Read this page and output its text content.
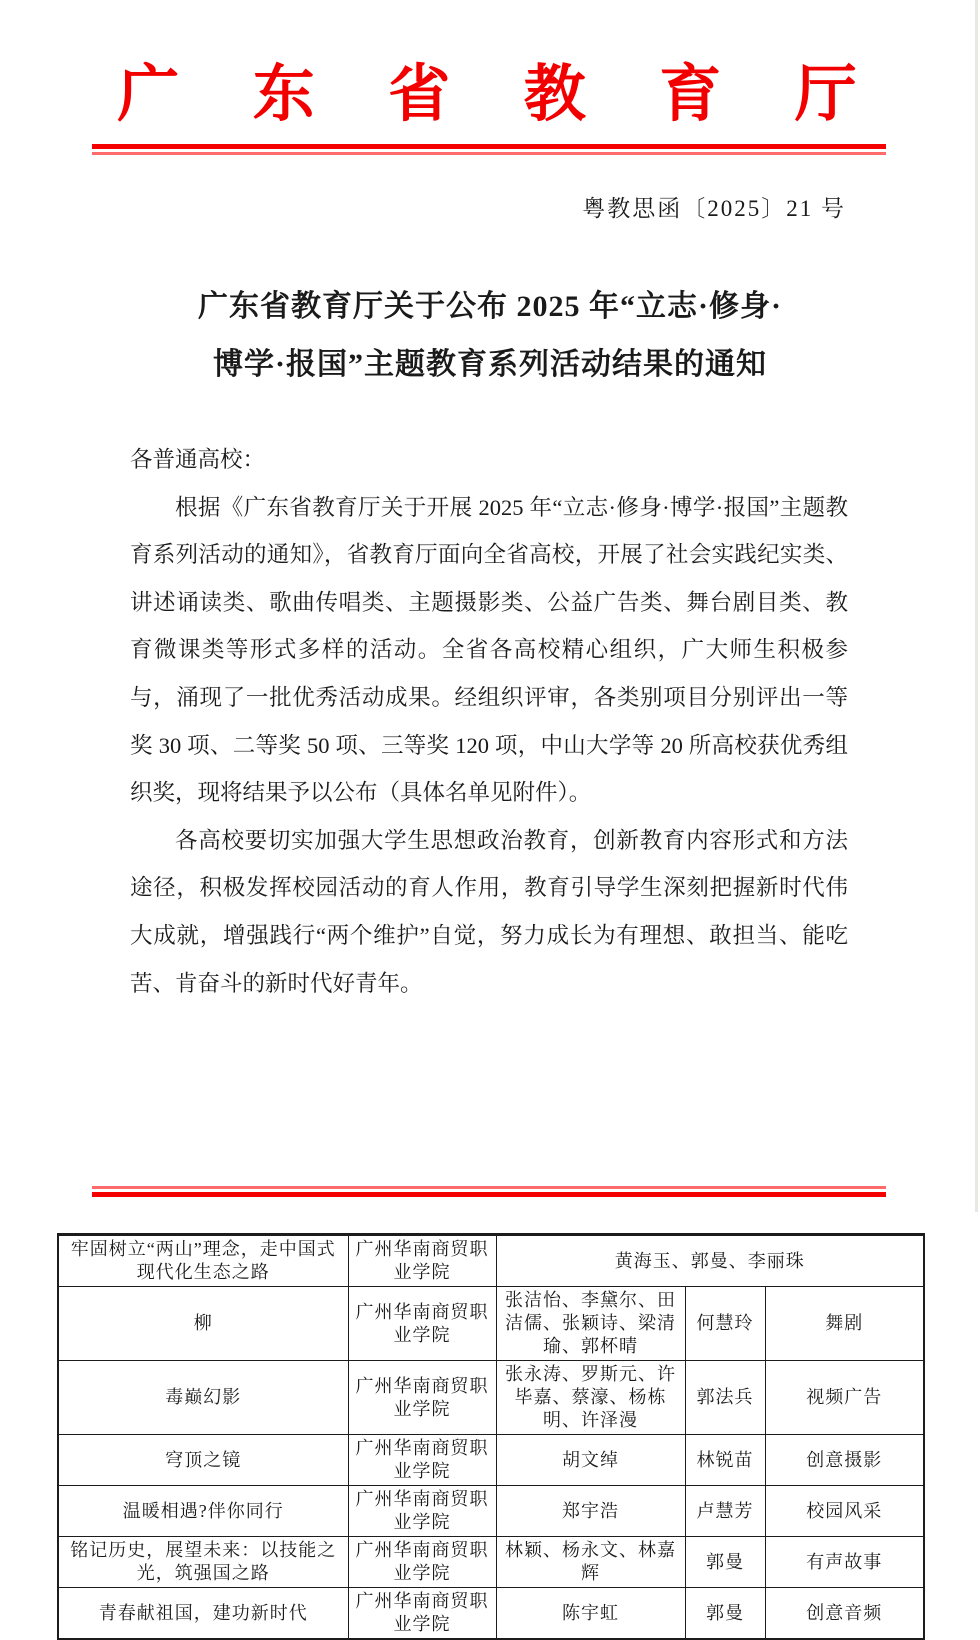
广 东 省 教 育 厅
粤教思函〔2025〕21 号
广东省教育厅关于公布 2025 年“立志·修身·
博学·报国”主题教育系列活动结果的通知

各普通高校：

根据《广东省教育厅关于开展 2025 年“立志·修身·博学·报国”主题教育系列活动的通知》，省教育厅面向全省高校，开展了社会实践纪实类、讲述诵读类、歌曲传唱类、主题摄影类、公益广告类、舞台剧目类、教育微课类等形式多样的活动。全省各高校精心组织，广大师生积极参与，涌现了一批优秀活动成果。经组织评审，各类别项目分别评出一等奖 30 项、二等奖 50 项、三等奖 120 项，中山大学等 20 所高校获优秀组织奖，现将结果予以公布（具体名单见附件）。

各高校要切实加强大学生思想政治教育，创新教育内容形式和方法途径，积极发挥校园活动的育人作用，教育引导学生深刻把握新时代伟大成就，增强践行“两个维护”自觉，努力成长为有理想、敢担当、能吃苦、肯奋斗的新时代好青年。

牢固树立“两山”理念，走中国式现代化生态之路	广州华南商贸职业学院	黄海玉、郭曼、李丽珠		
柳	广州华南商贸职业学院	张洁怡、李黛尔、田洁儒、张颖诗、梁清瑜、郭杯晴	何慧玲	舞剧
毒巅幻影	广州华南商贸职业学院	张永涛、罗斯元、许毕嘉、蔡濠、杨栋明、许泽漫	郭法兵	视频广告
穹顶之镜	广州华南商贸职业学院	胡文绰	林锐苗	创意摄影
温暖相遇?伴你同行	广州华南商贸职业学院	郑宇浩	卢慧芳	校园风采
铭记历史，展望未来：以技能之光，筑强国之路	广州华南商贸职业学院	林颖、杨永文、林嘉辉	郭曼	有声故事
青春献祖国，建功新时代	广州华南商贸职业学院	陈宇虹	郭曼	创意音频
